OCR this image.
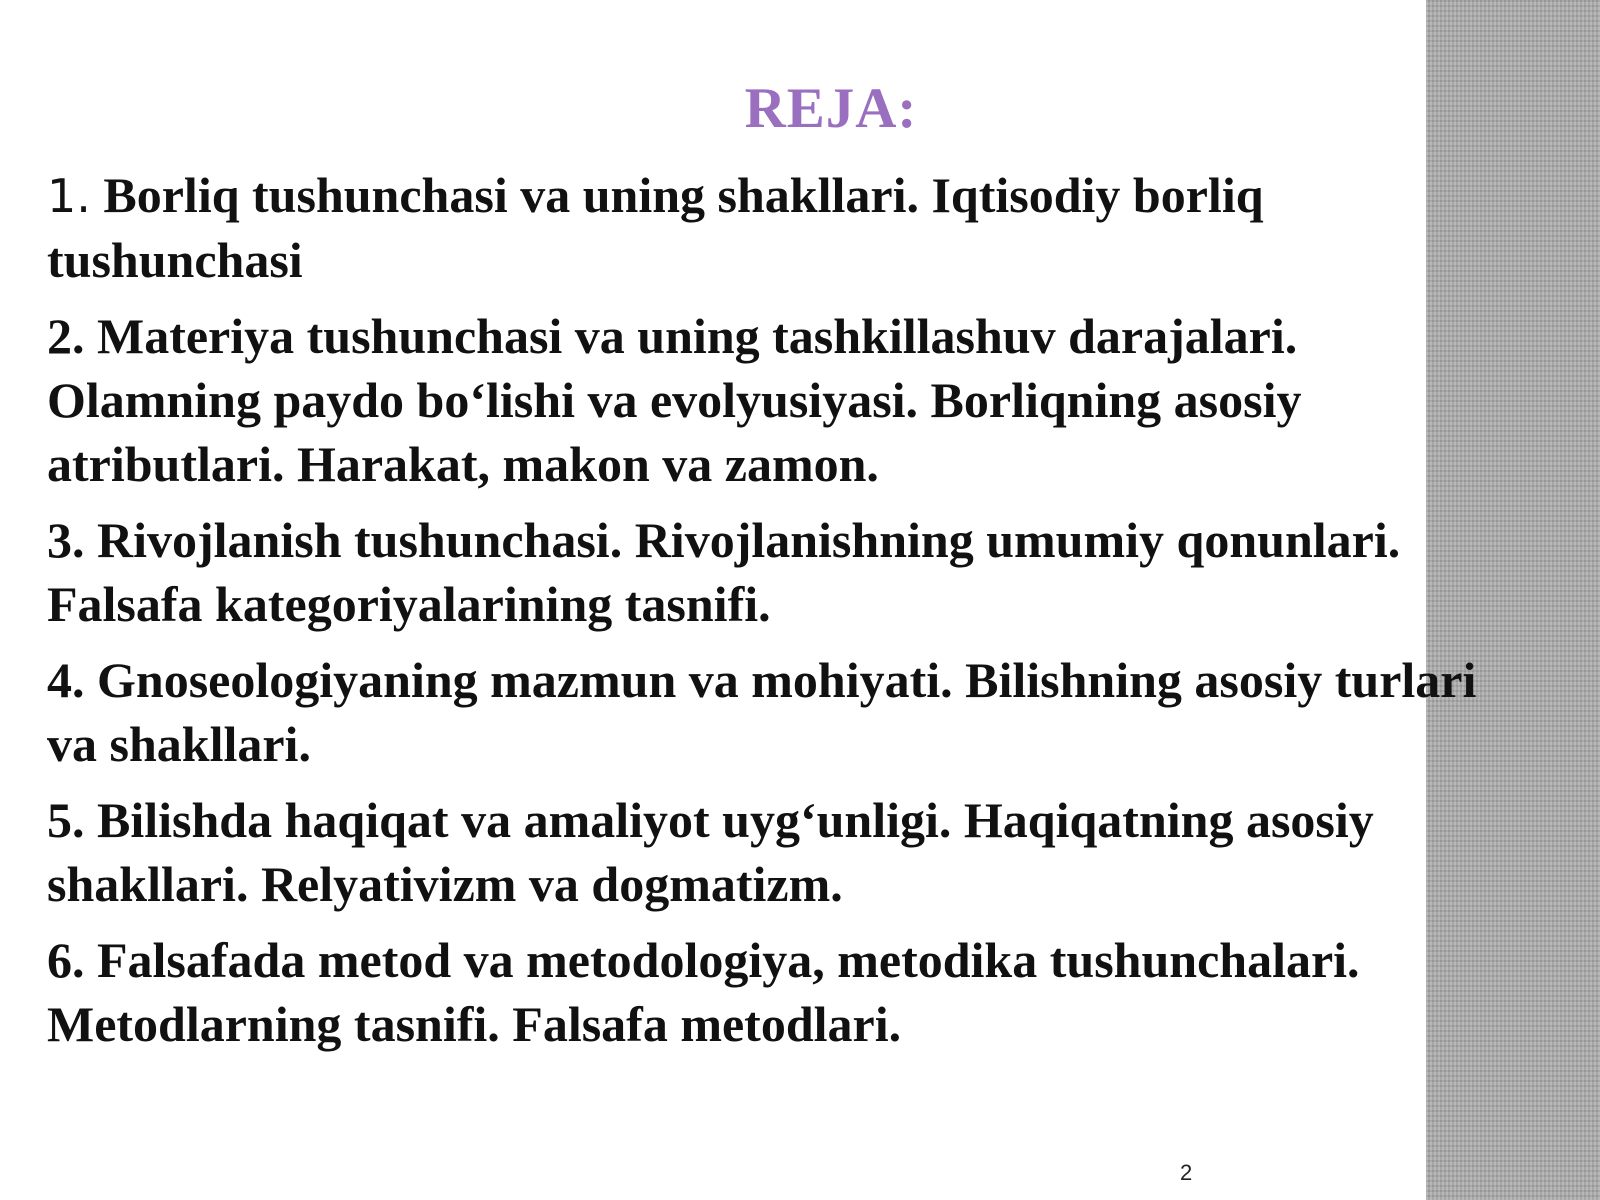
REJA:
1. Borliq tushunchasi va uning shakllari. Iqtisodiy borliq tushunchasi
2. Materiya tushunchasi va uning tashkillashuv darajalari. Olamning paydo bo‘lishi va evolyusiyasi. Borliqning asosiy atributlari. Harakat, makon va zamon.
3. Rivojlanish tushunchasi. Rivojlanishning umumiy qonunlari. Falsafa kategoriyalarining tasnifi.
4. Gnoseologiyaning mazmun va mohiyati. Bilishning asosiy turlari va shakllari.
5. Bilishda haqiqat va amaliyot uyg‘unligi. Haqiqatning asosiy shakllari. Relyativizm va dogmatizm.
6. Falsafada metod va metodologiya, metodika tushunchalari. Metodlarning tasnifi. Falsafa metodlari.
2
